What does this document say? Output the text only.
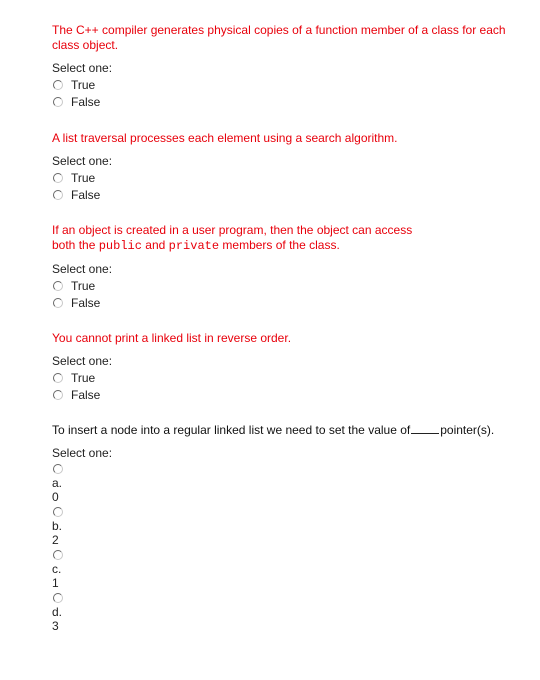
The C++ compiler generates physical copies of a function member of a class for each class object.
Select one:
True
False
A list traversal processes each element using a search algorithm.
Select one:
True
False
If an object is created in a user program, then the object can access
both the public and private members of the class.
Select one:
True
False
You cannot print a linked list in reverse order.
Select one:
True
False
To insert a node into a regular linked list we need to set the value of	pointer(s).
Select one:
a.
0
b.
2
c.
1
d.
3
